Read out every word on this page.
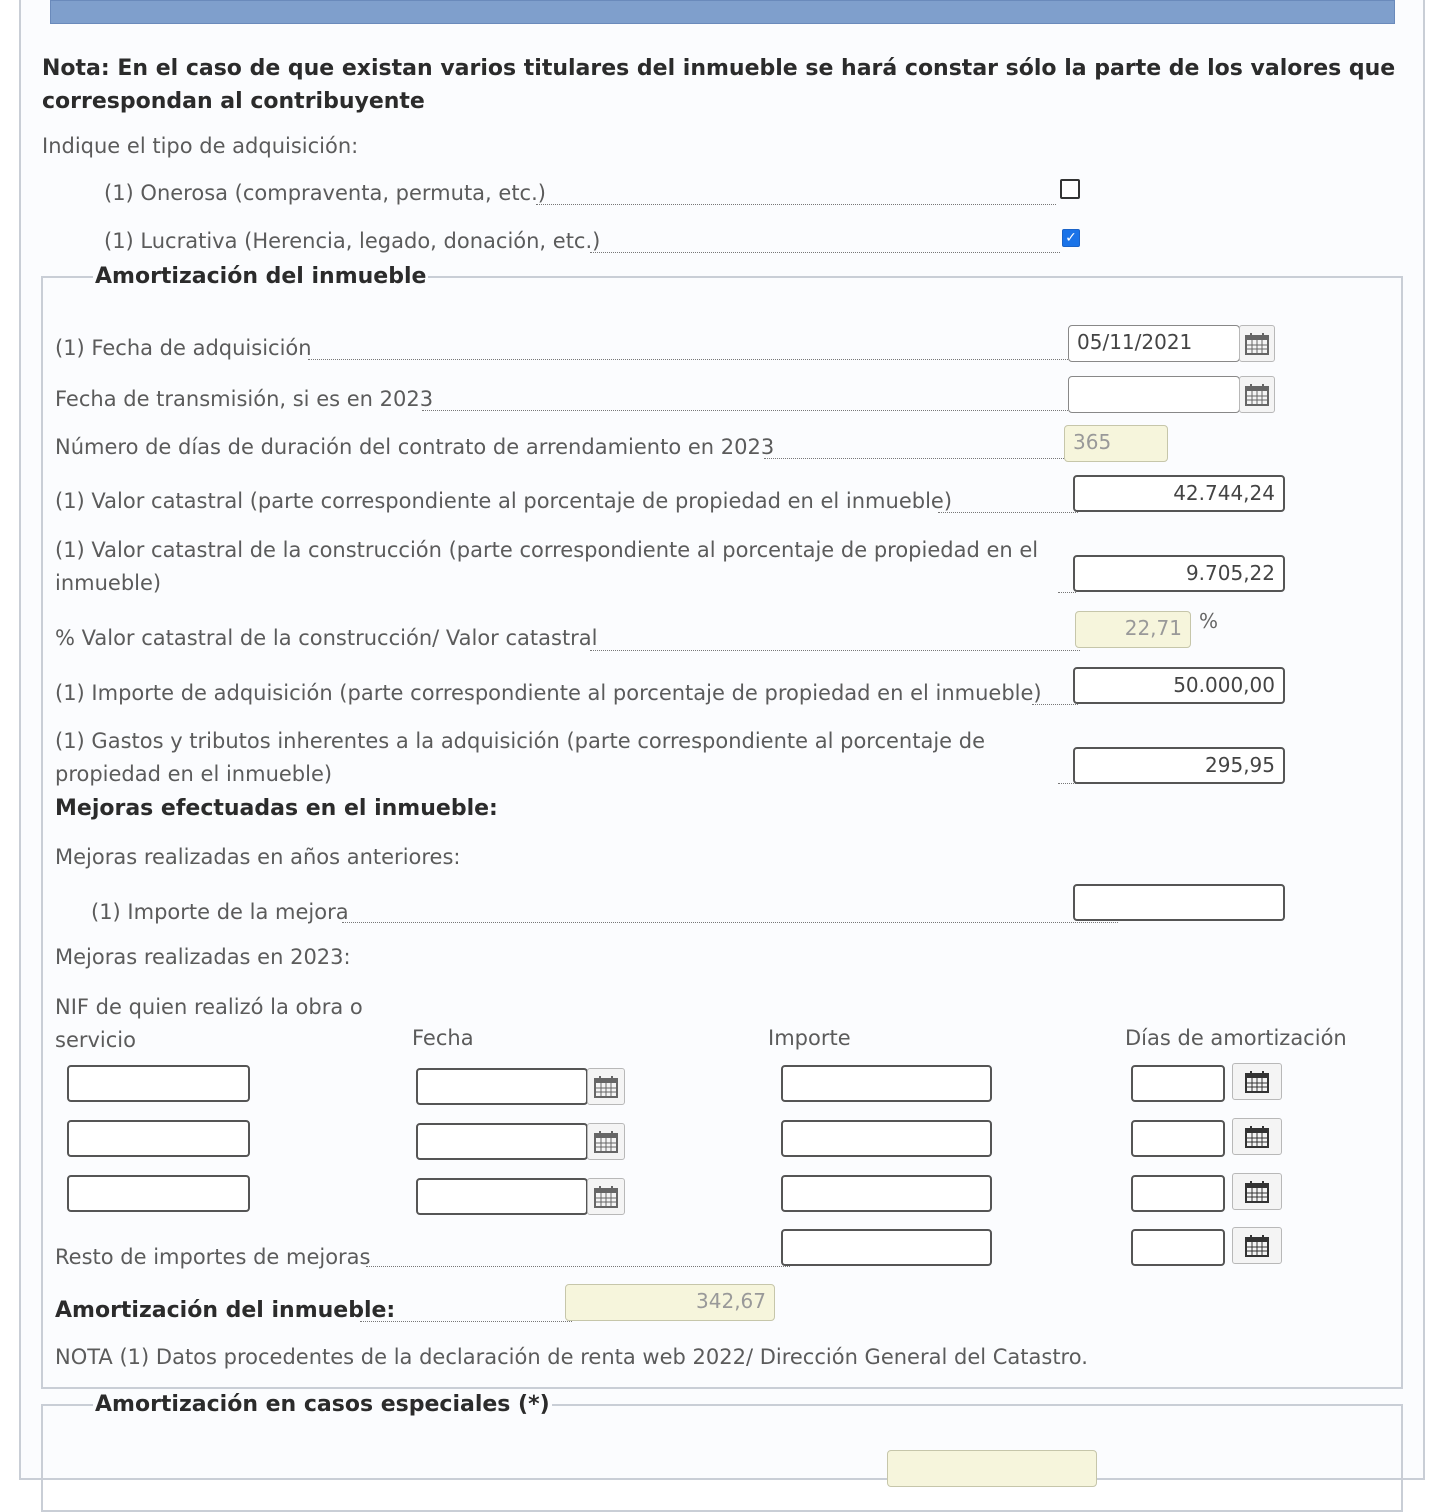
Nota: En el caso de que existan varios titulares del inmueble se hará constar sólo la parte de los valores que correspondan al contribuyente
Indique el tipo de adquisición:
(1) Onerosa (compraventa, permuta, etc.)
(1) Lucrativa (Herencia, legado, donación, etc.)	✓
Amortización del inmueble
(1) Fecha de adquisición	05/11/2021
Fecha de transmisión, si es en 2023
Número de días de duración del contrato de arrendamiento en 2023	365
(1) Valor catastral (parte correspondiente al porcentaje de propiedad en el inmueble)	42.744,24
(1) Valor catastral de la construcción (parte correspondiente al porcentaje de propiedad en el inmueble)	9.705,22
% Valor catastral de la construcción/ Valor catastral	22,71 %
(1) Importe de adquisición (parte correspondiente al porcentaje de propiedad en el inmueble)	50.000,00
(1) Gastos y tributos inherentes a la adquisición (parte correspondiente al porcentaje de propiedad en el inmueble)	295,95
Mejoras efectuadas en el inmueble:
Mejoras realizadas en años anteriores:
(1) Importe de la mejora
Mejoras realizadas en 2023:
NIF de quien realizó la obra o servicio	Fecha	Importe	Días de amortización
Resto de importes de mejoras
Amortización del inmueble:	342,67
NOTA (1) Datos procedentes de la declaración de renta web 2022/ Dirección General del Catastro.
Amortización en casos especiales (*)
